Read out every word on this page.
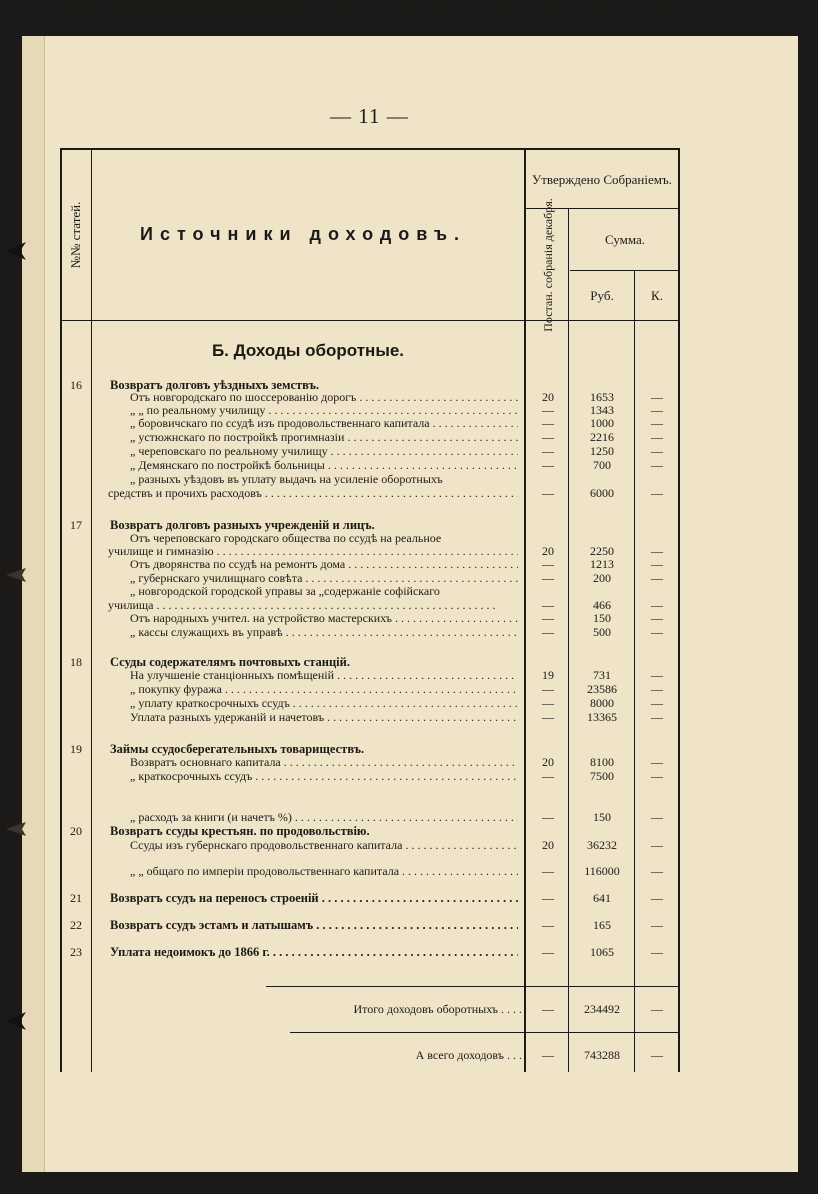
— 11 —
№№ статей.	Источники доходовъ.
Утверждено Собраніемъ.
Постан. собранія декабря.	Сумма.
Руб.	К.
Б. Доходы оборотные.
16	Возвратъ долговъ уѣздныхъ земствъ.
Отъ новгородскаго по шоссерованію дорогъ . . .	20	1653	—
„ „ по реальному училищу . . .	—	1343	—
„ боровичскаго по ссудѣ изъ продовольственнаго капитала . . .	—	1000	—
„ устюжнскаго по постройкѣ прогимназіи . . .	—	2216	—
„ череповскаго по реальному училищу . . .	—	1250	—
„ Демянскаго по постройкѣ больницы . . .	—	700	—
„ разныхъ уѣздовъ въ уплату выдачъ на усиленіе оборотныхъ
средствъ и прочихъ расходовъ . . .	—	6000	—
17	Возвратъ долговъ разныхъ учрежденій и лицъ.
Отъ череповскаго городскаго общества по ссудѣ на реальное
училище и гимназію . . .	20	2250	—
Отъ дворянства по ссудѣ на ремонтъ дома . . .	—	1213	—
„ губернскаго училищнаго совѣта . . .	—	200	—
„ новгородской городской управы за „содержаніе софійскаго
училища . . .	—	466	—
Отъ народныхъ учител. на устройство мастерскихъ . . .	—	150	—
„ кассы служащихъ въ управѣ . . .	—	500	—
18	Ссуды содержателямъ почтовыхъ станцій.
На улучшеніе станціонныхъ помѣщеній . . .	19	731	—
„ покупку фуража . . .	—	23586	—
„ уплату краткосрочныхъ ссудъ . . .	—	8000	—
Уплата разныхъ удержаній и начетовъ . . .	—	13365	—
19	Займы ссудосберегательныхъ товариществъ.
Возвратъ основнаго капитала . . .	20	8100	—
„ краткосрочныхъ ссудъ . . .	—	7500	—
„ расходъ за книги (и начетъ %) . . .	—	150	—
20	Возвратъ ссуды крестьян. по продовольствію.
Ссуды изъ губернскаго продовольственнаго капитала . . .	20	36232	—
„ „ общаго по имперіи продовольственнаго капитала . . .	—	116000	—
21	Возвратъ ссудъ на переносъ строеній . . .	—	641	—
22	Возвратъ ссудъ эстамъ и латышамъ . . .	—	165	—
23	Уплата недоимокъ до 1866 г. . . .	—	1065	—
24	Продажа страховыхъ знаковъ . . .	—	16	—
Итого доходовъ оборотныхъ . . . .	—	234492	—
А всего доходовъ . . .	—	743288	—
